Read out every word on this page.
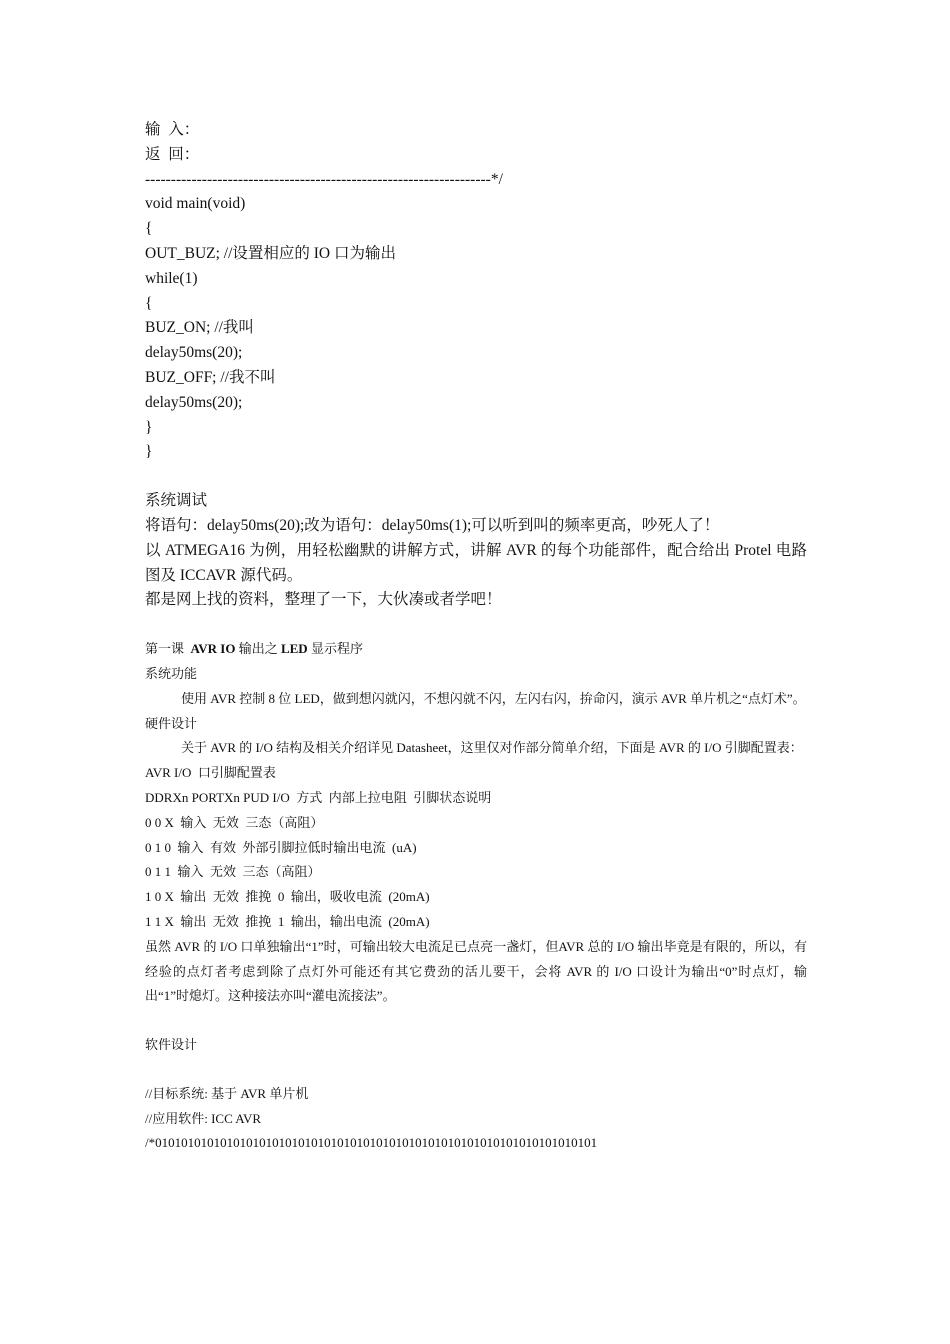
输  入：
返  回：
-------------------------------------------------------------------*/
void main(void)
{
OUT_BUZ; //设置相应的 IO 口为输出
while(1)
{
BUZ_ON; //我叫
delay50ms(20);
BUZ_OFF; //我不叫
delay50ms(20);
}
}
系统调试
将语句：delay50ms(20);改为语句：delay50ms(1);可以听到叫的频率更高，吵死人了！
以 ATMEGA16 为例，用轻松幽默的讲解方式，讲解 AVR 的每个功能部件，配合给出 Protel 电路图及 ICCAVR 源代码。
都是网上找的资料，整理了一下，大伙凑或者学吧！
第一课  AVR IO 输出之 LED 显示程序
系统功能
使用 AVR 控制 8 位 LED，做到想闪就闪，不想闪就不闪，左闪右闪，拚命闪，演示 AVR 单片机之“点灯术”。
硬件设计
关于 AVR 的 I/O 结构及相关介绍详见 Datasheet，这里仅对作部分简单介绍，下面是 AVR 的 I/O 引脚配置表：
AVR I/O  口引脚配置表
DDRXn PORTXn PUD I/O  方式  内部上拉电阻  引脚状态说明
0 0 X  输入  无效  三态（高阻）
0 1 0  输入  有效  外部引脚拉低时输出电流  (uA)
0 1 1  输入  无效  三态（高阻）
1 0 X  输出  无效  推挽  0  输出，吸收电流  (20mA)
1 1 X  输出  无效  推挽  1  输出，输出电流  (20mA)
虽然 AVR 的 I/O 口单独输出“1”时，可输出较大电流足已点亮一盏灯，但AVR 总的 I/O 输出毕竟是有限的，所以，有经验的点灯者考虑到除了点灯外可能还有其它费劲的活儿要干，会将 AVR 的 I/O 口设计为输出“0”时点灯，输出“1”时熄灯。这种接法亦叫“灌电流接法”。
软件设计
//目标系统: 基于 AVR 单片机
//应用软件: ICC AVR
/*01010101010101010101010101010101010101010101010101010101010101010101
